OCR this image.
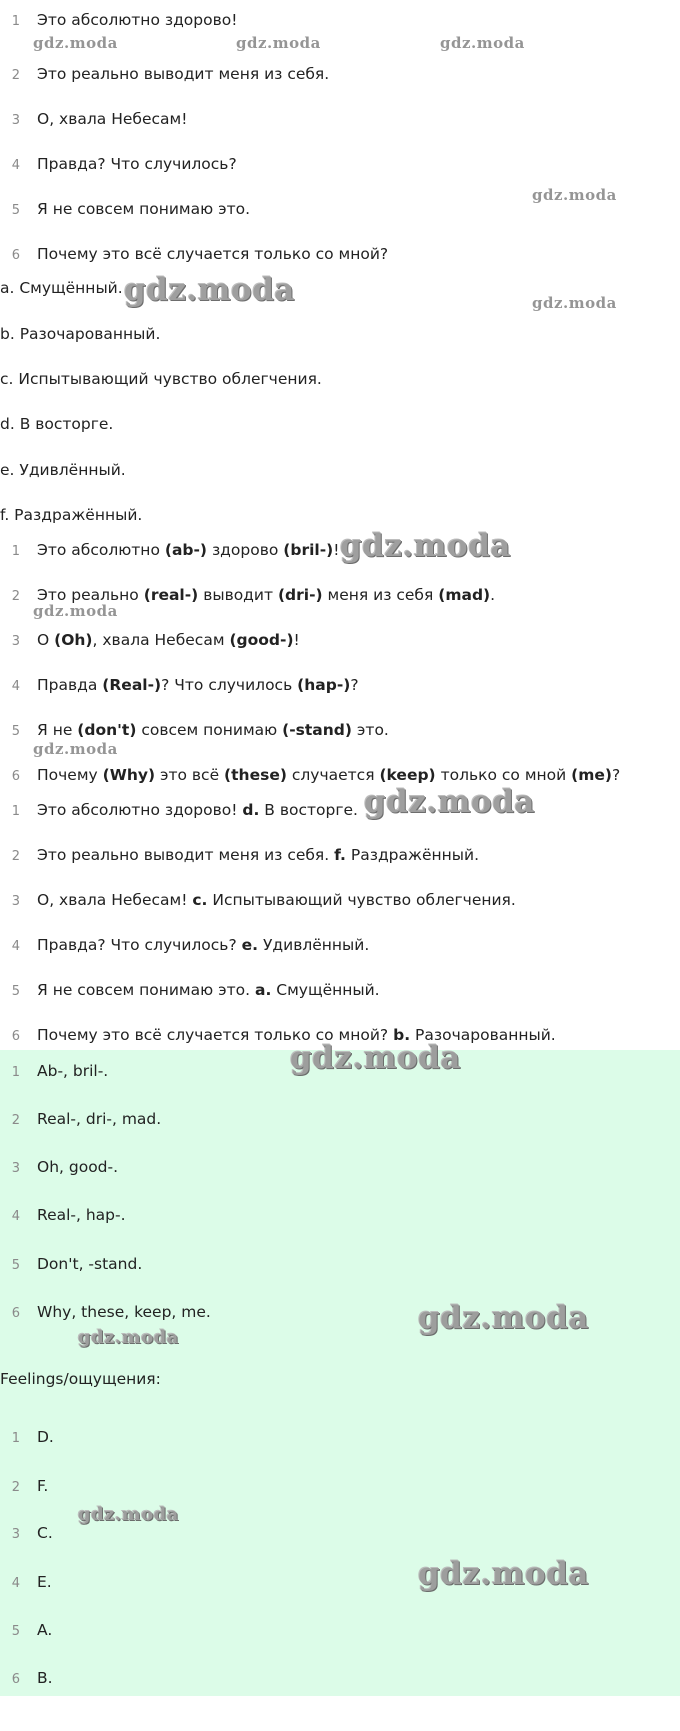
1 Это абсолютно здорово!
2 Это реально выводит меня из себя.
3 О, хвала Небесам!
4 Правда? Что случилось?
5 Я не совсем понимаю это.
6 Почему это всё случается только со мной?
a. Смущённый.
b. Разочарованный.
c. Испытывающий чувство облегчения.
d. В восторге.
e. Удивлённый.
f. Раздражённый.
1 Это абсолютно (ab-) здорово (bril-)!
2 Это реально (real-) выводит (dri-) меня из себя (mad).
3 О (Oh), хвала Небесам (good-)!
4 Правда (Real-)? Что случилось (hap-)?
5 Я не (don't) совсем понимаю (-stand) это.
6 Почему (Why) это всё (these) случается (keep) только со мной (me)?
1 Это абсолютно здорово! d. В восторге.
2 Это реально выводит меня из себя. f. Раздражённый.
3 О, хвала Небесам! c. Испытывающий чувство облегчения.
4 Правда? Что случилось? e. Удивлённый.
5 Я не совсем понимаю это. a. Смущённый.
6 Почему это всё случается только со мной? b. Разочарованный.
1 Ab-, bril-.
2 Real-, dri-, mad.
3 Oh, good-.
4 Real-, hap-.
5 Don't, -stand.
6 Why, these, keep, me.
Feelings/ощущения:
1 D.
2 F.
3 C.
4 E.
5 A.
6 B.
gdz.moda	gdz.moda	gdz.moda
gdz.moda
gdz.moda	gdz.moda
gdz.moda
gdz.moda
gdz.moda
gdz.moda
gdz.moda
gdz.moda
gdz.moda
gdz.moda
gdz.moda
